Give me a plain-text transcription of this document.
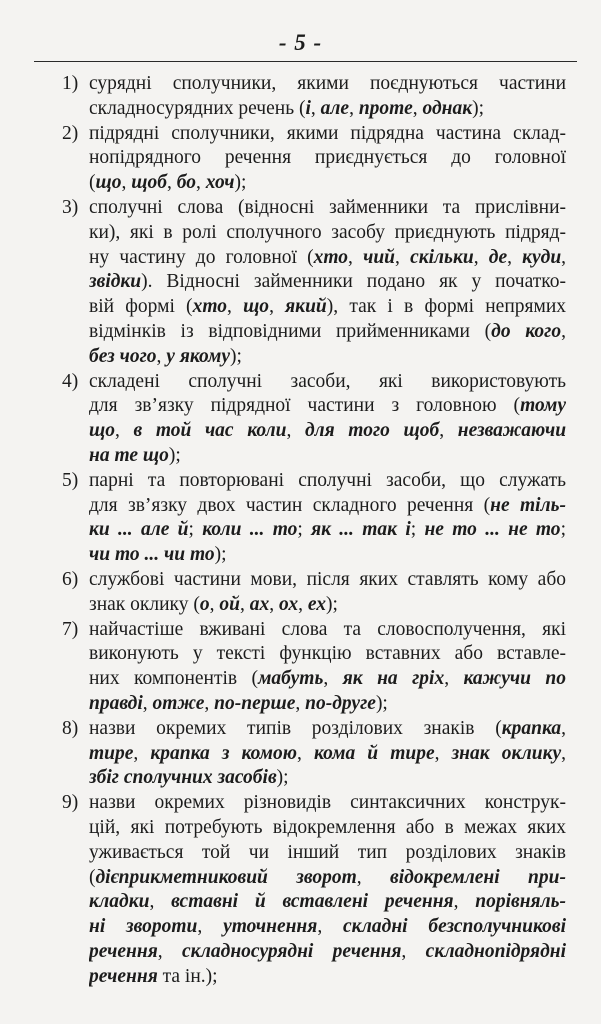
- 5 -
1) сурядні сполучники, якими поєднуються частини
складносурядних речень (і, але, проте, однак);
2) підрядні сполучники, якими підрядна частина склад-
нопідрядного речення приєднується до головної
(що, щоб, бо, хоч);
3) сполучні слова (відносні займенники та прислівни-
ки), які в ролі сполучного засобу приєднують підряд-
ну частину до головної (хто, чий, скільки, де, куди,
звідки). Відносні займенники подано як у початко-
вій формі (хто, що, який), так і в формі непрямих
відмінків із відповідними прийменниками (до кого,
без чого, у якому);
4) складені сполучні засоби, які використовують
для зв’язку підрядної частини з головною (тому
що, в той час коли, для того щоб, незважаючи
на те що);
5) парні та повторювані сполучні засоби, що служать
для зв’язку двох частин складного речення (не тіль-
ки ... але й; коли ... то; як ... так і; не то ... не то;
чи то ... чи то);
6) службові частини мови, після яких ставлять кому або
знак оклику (о, ой, ах, ох, ех);
7) найчастіше вживані слова та словосполучення, які
виконують у тексті функцію вставних або вставле-
них компонентів (мабуть, як на гріх, кажучи по
правді, отже, по-перше, по-друге);
8) назви окремих типів розділових знаків (крапка,
тире, крапка з комою, кома й тире, знак оклику,
збіг сполучних засобів);
9) назви окремих різновидів синтаксичних конструк-
цій, які потребують відокремлення або в межах яких
уживається той чи інший тип розділових знаків
(дієприкметниковий зворот, відокремлені при-
кладки, вставні й вставлені речення, порівняль-
ні звороти, уточнення, складні безсполучникові
речення, складносурядні речення, складнопідрядні
речення та ін.);
